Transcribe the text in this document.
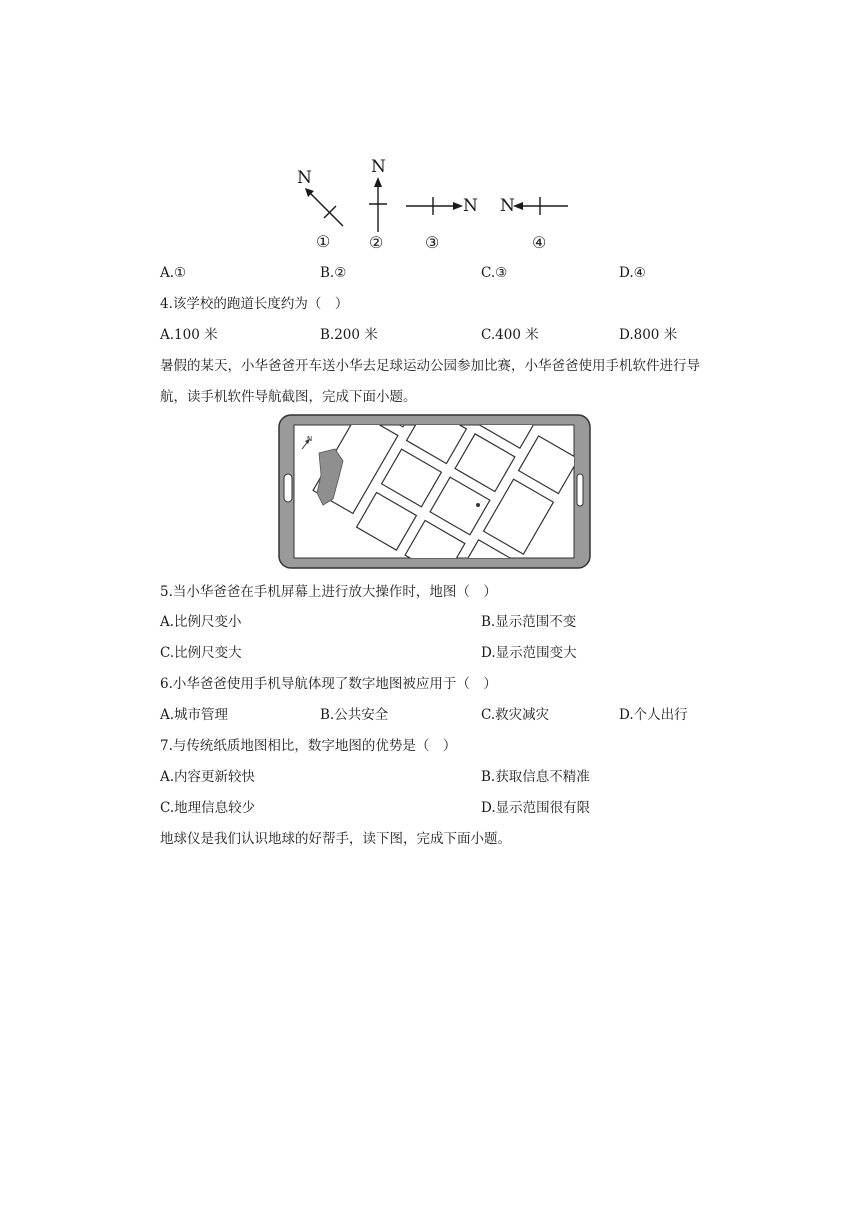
N
N
N N
① ②	③	④
A.①	B.②	C.③	D.④
4.该学校的跑道长度约为（　）
A.100 米	B.200 米	C.400 米	D.800 米
暑假的某天，小华爸爸开车送小华去足球运动公园参加比赛，小华爸爸使用手机软件进行导
航，读手机软件导航截图，完成下面小题。
N
5.当小华爸爸在手机屏幕上进行放大操作时，地图（　）
A.比例尺变小	B.显示范围不变
C.比例尺变大	D.显示范围变大
6.小华爸爸使用手机导航体现了数字地图被应用于（　）
A.城市管理	B.公共安全	C.救灾减灾	D.个人出行
7.与传统纸质地图相比，数字地图的优势是（　）
A.内容更新较快	B.获取信息不精准
C.地理信息较少	D.显示范围很有限
地球仪是我们认识地球的好帮手，读下图，完成下面小题。
